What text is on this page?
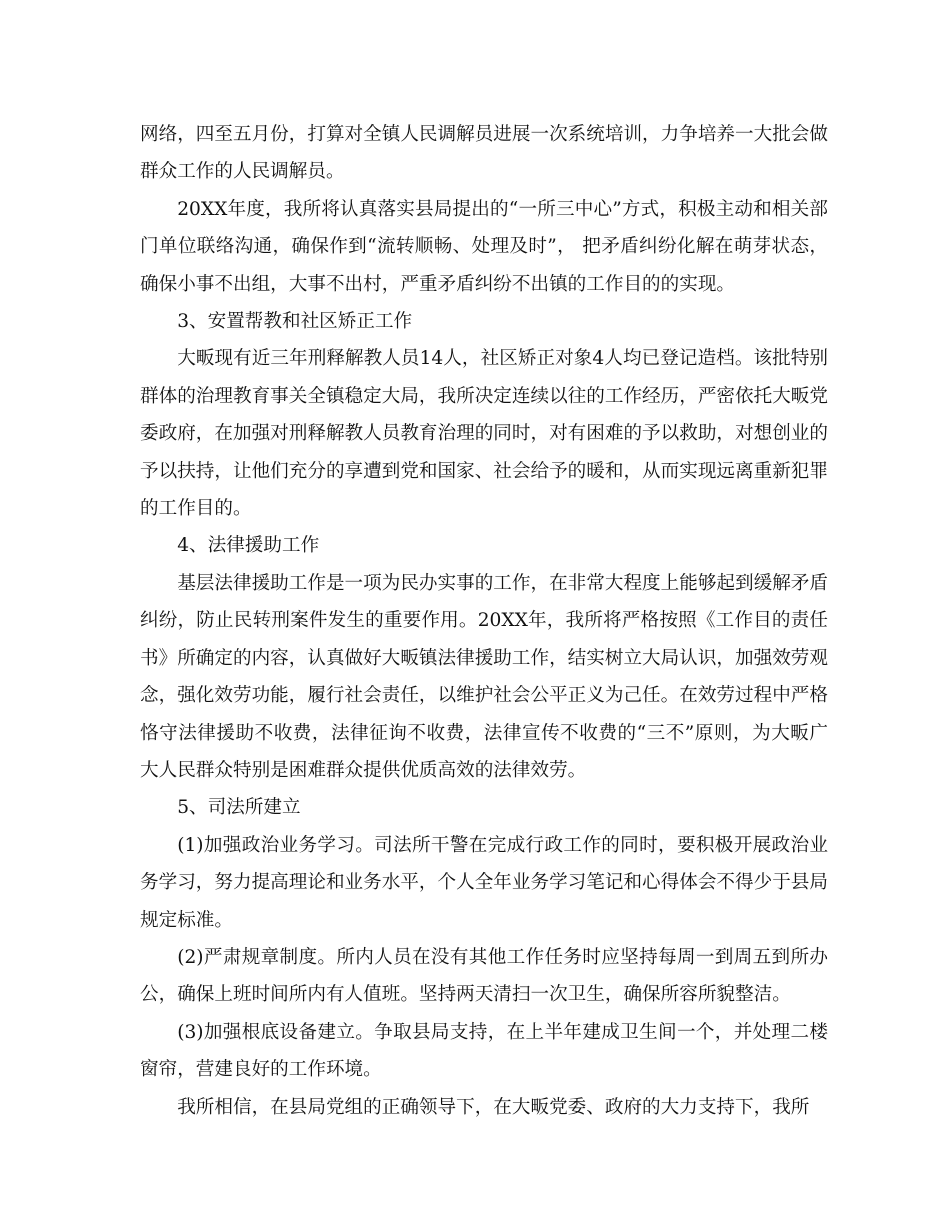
网络，四至五月份，打算对全镇人民调解员进展一次系统培训，力争培养一大批会做群众工作的人民调解员。

20XX年度，我所将认真落实县局提出的“一所三中心”方式，积极主动和相关部门单位联络沟通，确保作到“流转顺畅、处理及时”， 把矛盾纠纷化解在萌芽状态，确保小事不出组，大事不出村，严重矛盾纠纷不出镇的工作目的的实现。

3、安置帮教和社区矫正工作

大畈现有近三年刑释解教人员14人，社区矫正对象4人均已登记造档。该批特别群体的治理教育事关全镇稳定大局，我所决定连续以往的工作经历，严密依托大畈党委政府，在加强对刑释解教人员教育治理的同时，对有困难的予以救助，对想创业的予以扶持，让他们充分的享遭到党和国家、社会给予的暖和，从而实现远离重新犯罪的工作目的。

4、法律援助工作

基层法律援助工作是一项为民办实事的工作，在非常大程度上能够起到缓解矛盾纠纷，防止民转刑案件发生的重要作用。20XX年，我所将严格按照《工作目的责任书》所确定的内容，认真做好大畈镇法律援助工作，结实树立大局认识，加强效劳观念，强化效劳功能，履行社会责任，以维护社会公平正义为己任。在效劳过程中严格恪守法律援助不收费，法律征询不收费，法律宣传不收费的“三不”原则，为大畈广大人民群众特别是困难群众提供优质高效的法律效劳。

5、司法所建立

(1)加强政治业务学习。司法所干警在完成行政工作的同时，要积极开展政治业务学习，努力提高理论和业务水平，个人全年业务学习笔记和心得体会不得少于县局规定标准。

(2)严肃规章制度。所内人员在没有其他工作任务时应坚持每周一到周五到所办公，确保上班时间所内有人值班。坚持两天清扫一次卫生，确保所容所貌整洁。

(3)加强根底设备建立。争取县局支持，在上半年建成卫生间一个，并处理二楼窗帘，营建良好的工作环境。

我所相信，在县局党组的正确领导下，在大畈党委、政府的大力支持下，我所
